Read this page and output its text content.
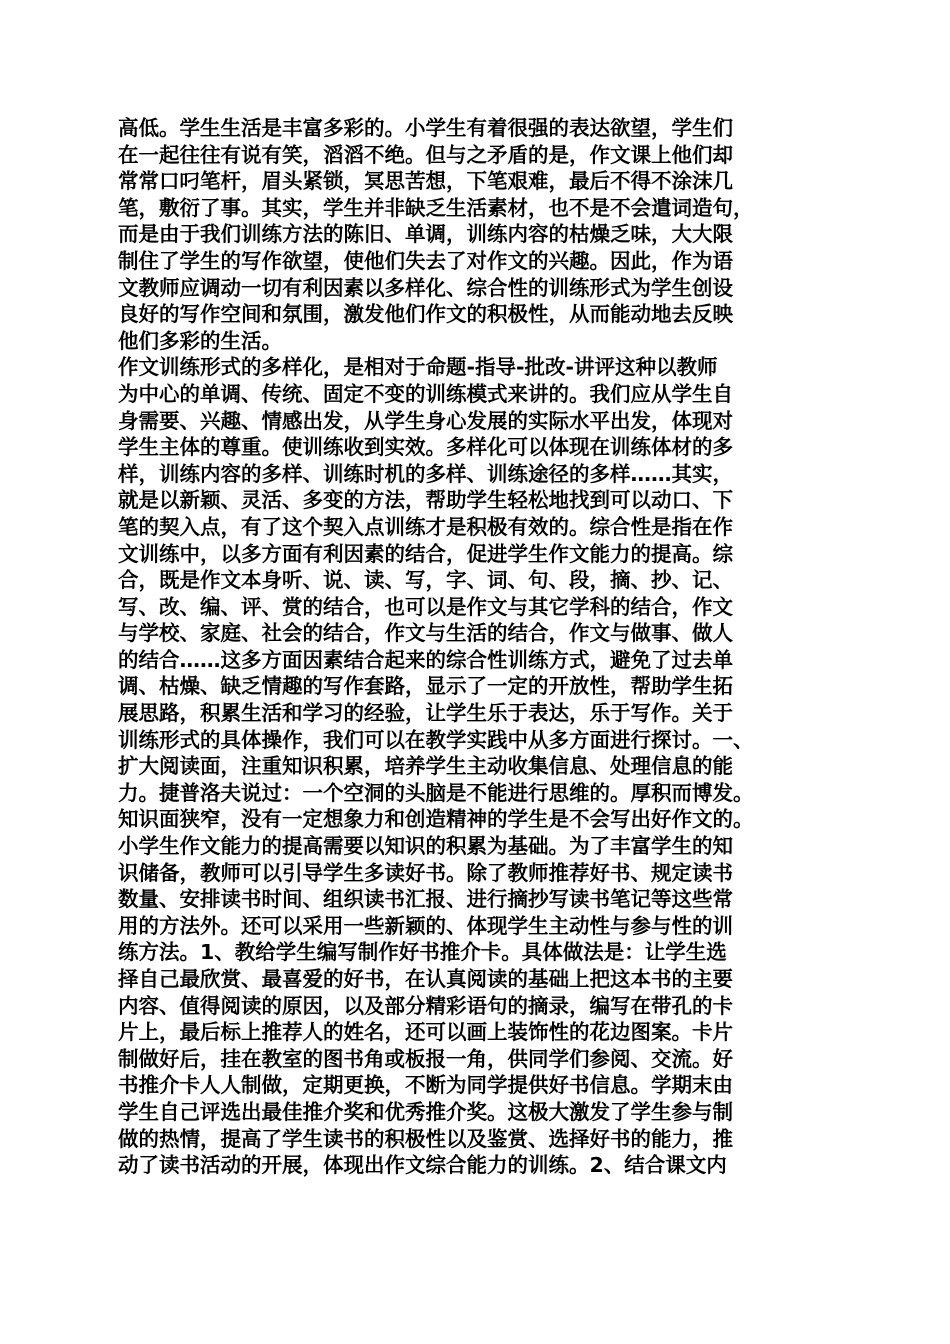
高低。学生生活是丰富多彩的。小学生有着很强的表达欲望，学生们
在一起往往有说有笑，滔滔不绝。但与之矛盾的是，作文课上他们却
常常口叼笔杆，眉头紧锁，冥思苦想，下笔艰难，最后不得不涂沫几
笔，敷衍了事。其实，学生并非缺乏生活素材，也不是不会遣词造句，
而是由于我们训练方法的陈旧、单调，训练内容的枯燥乏味，大大限
制住了学生的写作欲望，使他们失去了对作文的兴趣。因此，作为语
文教师应调动一切有利因素以多样化、综合性的训练形式为学生创设
良好的写作空间和氛围，激发他们作文的积极性，从而能动地去反映
他们多彩的生活。
作文训练形式的多样化，是相对于命题-指导-批改-讲评这种以教师
为中心的单调、传统、固定不变的训练模式来讲的。我们应从学生自
身需要、兴趣、情感出发，从学生身心发展的实际水平出发，体现对
学生主体的尊重。使训练收到实效。多样化可以体现在训练体材的多
样，训练内容的多样、训练时机的多样、训练途径的多样……其实，
就是以新颖、灵活、多变的方法，帮助学生轻松地找到可以动口、下
笔的契入点，有了这个契入点训练才是积极有效的。综合性是指在作
文训练中，以多方面有利因素的结合，促进学生作文能力的提高。综
合，既是作文本身听、说、读、写，字、词、句、段，摘、抄、记、
写、改、编、评、赏的结合，也可以是作文与其它学科的结合，作文
与学校、家庭、社会的结合，作文与生活的结合，作文与做事、做人
的结合……这多方面因素结合起来的综合性训练方式，避免了过去单
调、枯燥、缺乏情趣的写作套路，显示了一定的开放性，帮助学生拓
展思路，积累生活和学习的经验，让学生乐于表达，乐于写作。关于
训练形式的具体操作，我们可以在教学实践中从多方面进行探讨。一、
扩大阅读面，注重知识积累，培养学生主动收集信息、处理信息的能
力。捷普洛夫说过：一个空洞的头脑是不能进行思维的。厚积而博发。
知识面狭窄，没有一定想象力和创造精神的学生是不会写出好作文的。
小学生作文能力的提高需要以知识的积累为基础。为了丰富学生的知
识储备，教师可以引导学生多读好书。除了教师推荐好书、规定读书
数量、安排读书时间、组织读书汇报、进行摘抄写读书笔记等这些常
用的方法外。还可以采用一些新颖的、体现学生主动性与参与性的训
练方法。1、教给学生编写制作好书推介卡。具体做法是：让学生选
择自己最欣赏、最喜爱的好书，在认真阅读的基础上把这本书的主要
内容、值得阅读的原因，以及部分精彩语句的摘录，编写在带孔的卡
片上，最后标上推荐人的姓名，还可以画上装饰性的花边图案。卡片
制做好后，挂在教室的图书角或板报一角，供同学们参阅、交流。好
书推介卡人人制做，定期更换，不断为同学提供好书信息。学期末由
学生自己评选出最佳推介奖和优秀推介奖。这极大激发了学生参与制
做的热情，提高了学生读书的积极性以及鉴赏、选择好书的能力，推
动了读书活动的开展，体现出作文综合能力的训练。2、结合课文内
